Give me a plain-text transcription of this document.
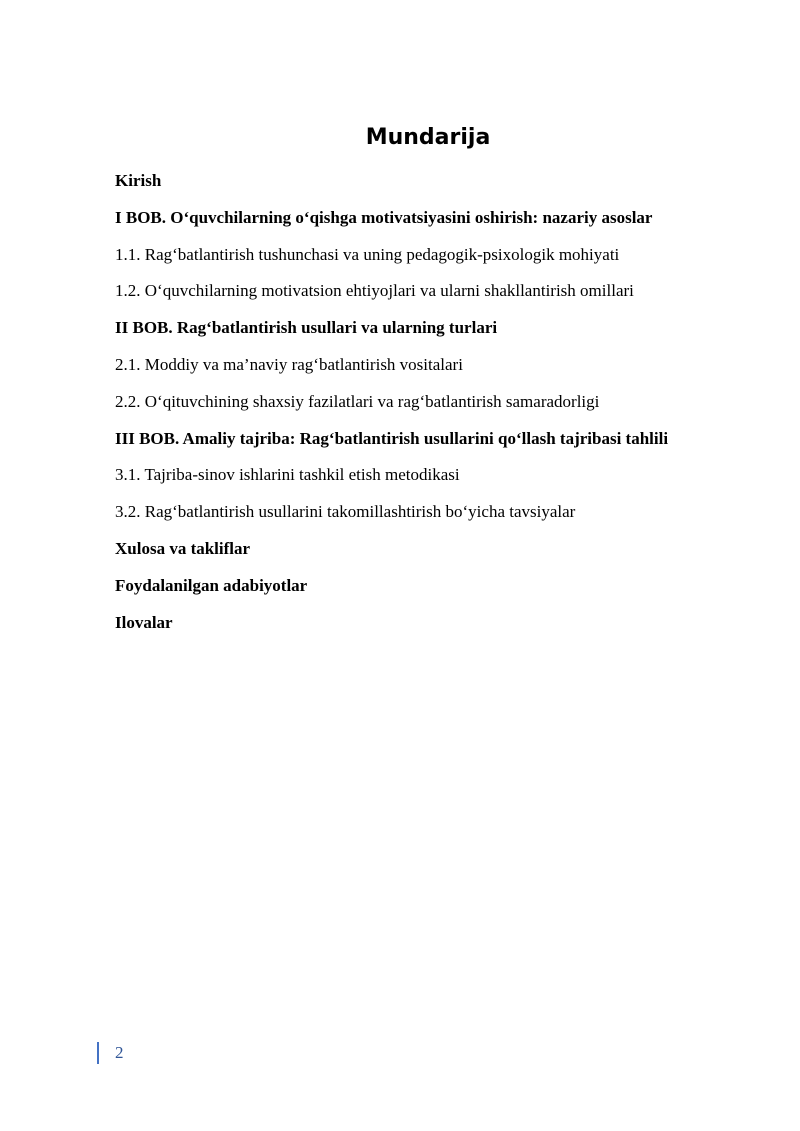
Mundarija
Kirish
I BOB. O‘quvchilarning o‘qishga motivatsiyasini oshirish: nazariy asoslar
1.1. Rag‘batlantirish tushunchasi va uning pedagogik-psixologik mohiyati
1.2. O‘quvchilarning motivatsion ehtiyojlari va ularni shakllantirish omillari
II BOB. Rag‘batlantirish usullari va ularning turlari
2.1. Moddiy va ma’naviy rag‘batlantirish vositalari
2.2. O‘qituvchining shaxsiy fazilatlari va rag‘batlantirish samaradorligi
III BOB. Amaliy tajriba: Rag‘batlantirish usullarini qo‘llash tajribasi tahlili
3.1. Tajriba-sinov ishlarini tashkil etish metodikasi
3.2. Rag‘batlantirish usullarini takomillashtirish bo‘yicha tavsiyalar
Xulosa va takliflar
Foydalanilgan adabiyotlar
Ilovalar
2
